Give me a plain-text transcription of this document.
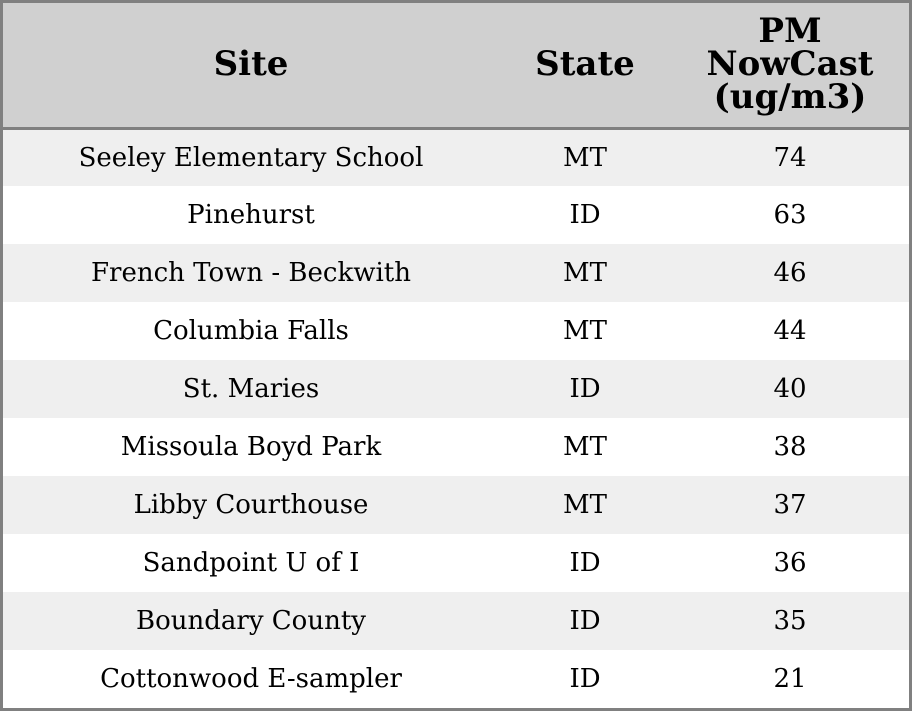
Site	State	PM
NowCast
(ug/m3)
Seeley Elementary School	MT	74
Pinehurst	ID	63
French Town - Beckwith	MT	46
Columbia Falls	MT	44
St. Maries	ID	40
Missoula Boyd Park	MT	38
Libby Courthouse	MT	37
Sandpoint U of I	ID	36
Boundary County	ID	35
Cottonwood E-sampler	ID	21
